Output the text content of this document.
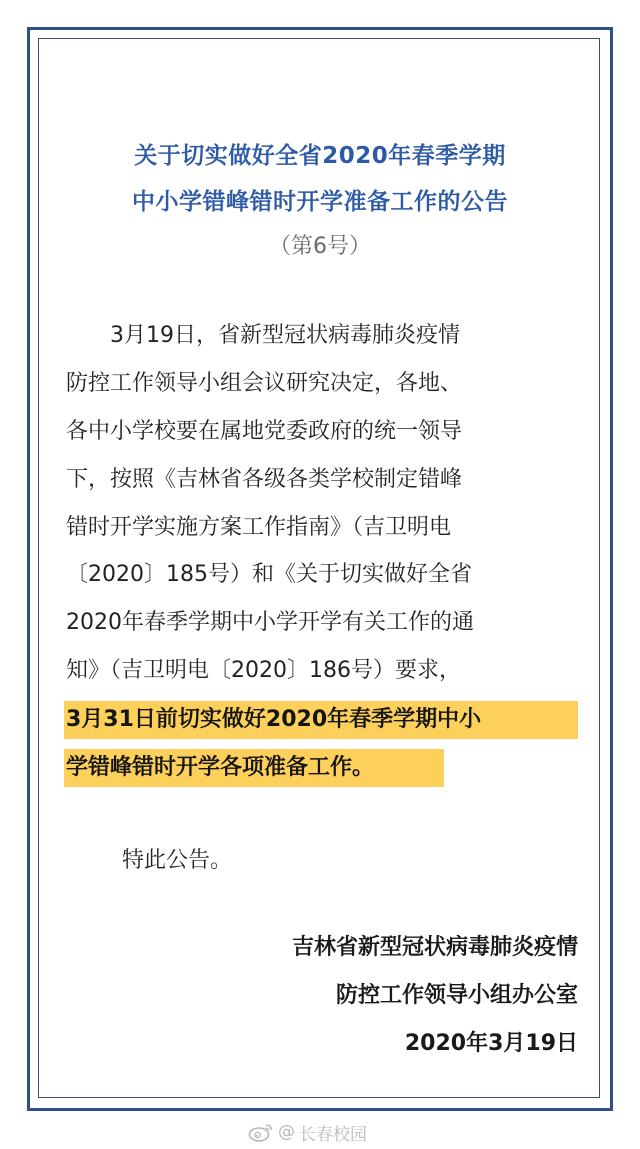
关于切实做好全省2020年春季学期
中小学错峰错时开学准备工作的公告
（第6号）
　　3月19日，省新型冠状病毒肺炎疫情
防控工作领导小组会议研究决定，各地、
各中小学校要在属地党委政府的统一领导
下，按照《吉林省各级各类学校制定错峰
错时开学实施方案工作指南》（吉卫明电
〔2020〕185号）和《关于切实做好全省
2020年春季学期中小学开学有关工作的通
知》（吉卫明电〔2020〕186号）要求，
3月31日前切实做好2020年春季学期中小
学错峰错时开学各项准备工作。
特此公告。
吉林省新型冠状病毒肺炎疫情
防控工作领导小组办公室
2020年3月19日
@ 长春校园
